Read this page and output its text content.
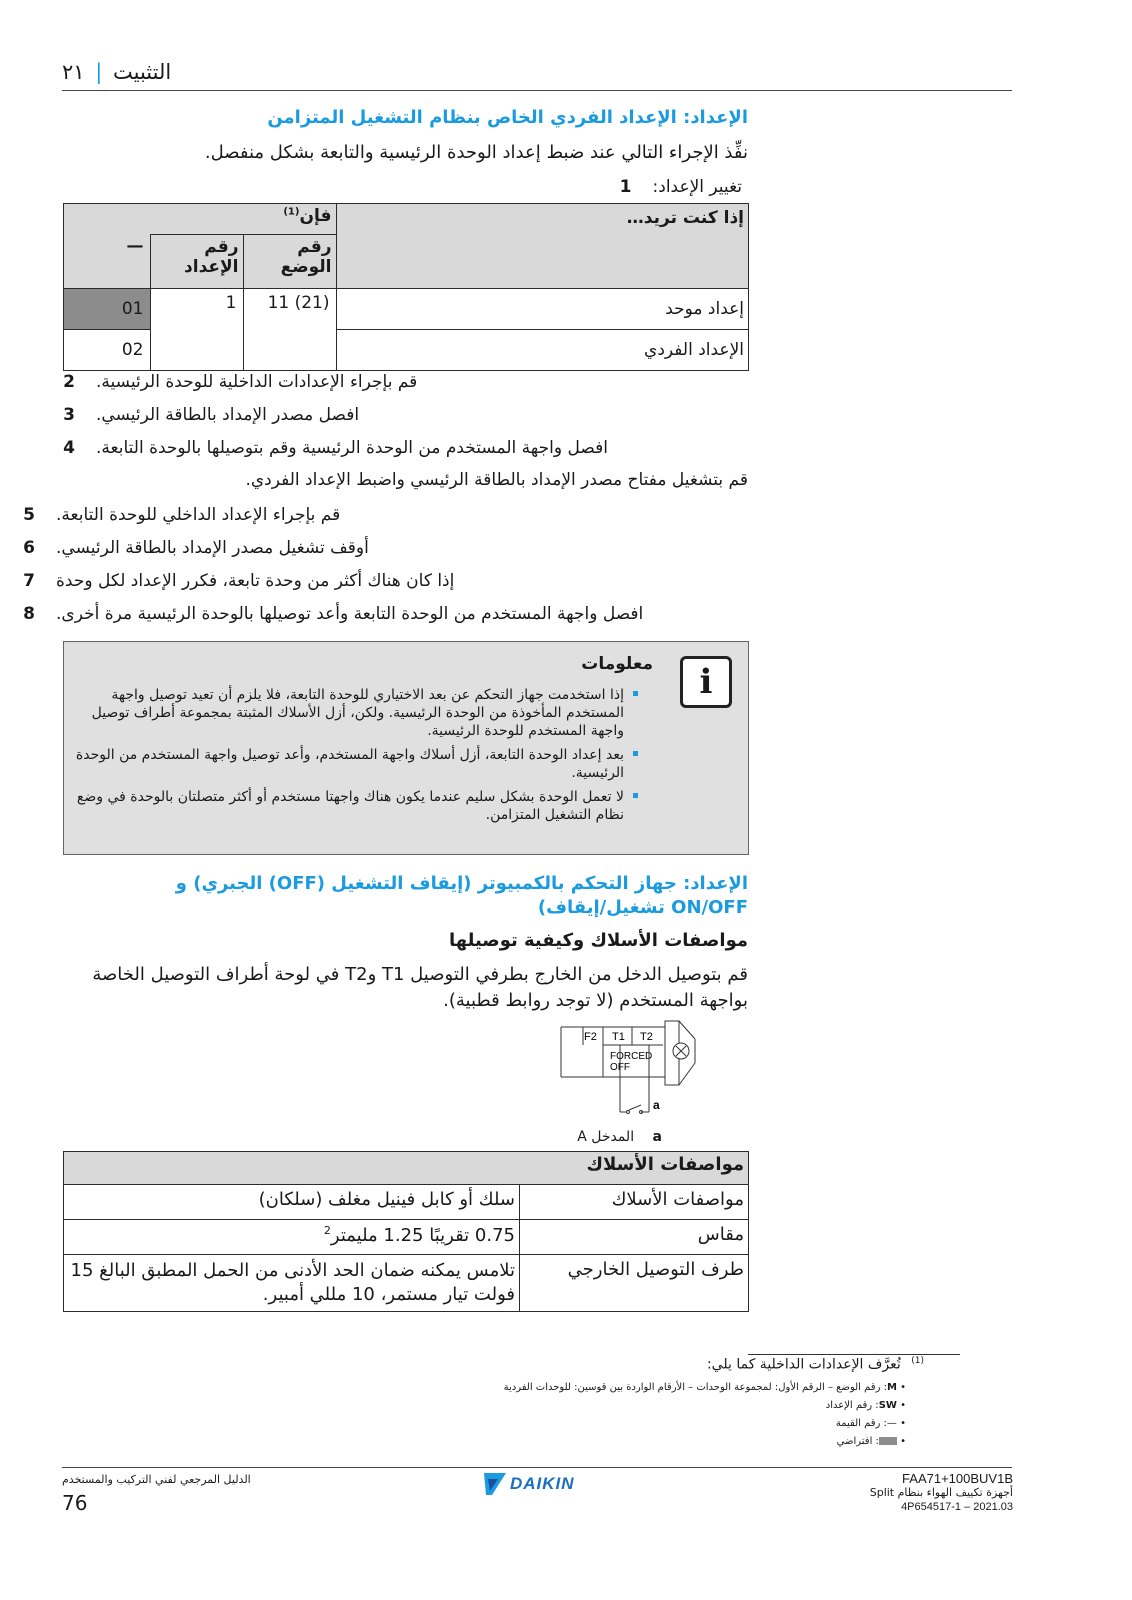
التثبيت | ٢١
الإعداد: الإعداد الفردي الخاص بنظام التشغيل المتزامن
نفِّذ الإجراء التالي عند ضبط إعداد الوحدة الرئيسية والتابعة بشكل منفصل.
1 تغيير الإعداد:
	فإن$^{(1)}$		إذا كنت تريد…
—	رقم الإعداد	رقم الوضع	
01	1	11 (21)	إعداد موحد
02			الإعداد الفردي
2 قم بإجراء الإعدادات الداخلية للوحدة الرئيسية.
3 افصل مصدر الإمداد بالطاقة الرئيسي.
4 افصل واجهة المستخدم من الوحدة الرئيسية وقم بتوصيلها بالوحدة التابعة.
قم بتشغيل مفتاح مصدر الإمداد بالطاقة الرئيسي واضبط الإعداد الفردي.
5 قم بإجراء الإعداد الداخلي للوحدة التابعة.
6 أوقف تشغيل مصدر الإمداد بالطاقة الرئيسي.
7 إذا كان هناك أكثر من وحدة تابعة، فكرر الإعداد لكل وحدة
8 افصل واجهة المستخدم من الوحدة التابعة وأعد توصيلها بالوحدة الرئيسية مرة أخرى.
i
معلومات
إذا استخدمت جهاز التحكم عن بعد الاختياري للوحدة التابعة، فلا يلزم أن تعيد توصيل واجهة المستخدم المأخوذة من الوحدة الرئيسية. ولكن، أزل الأسلاك المثبتة بمجموعة أطراف توصيل واجهة المستخدم للوحدة الرئيسية.
بعد إعداد الوحدة التابعة، أزل أسلاك واجهة المستخدم، وأعد توصيل واجهة المستخدم من الوحدة الرئيسية.
لا تعمل الوحدة بشكل سليم عندما يكون هناك واجهتا مستخدم أو أكثر متصلتان بالوحدة في وضع نظام التشغيل المتزامن.
الإعداد: جهاز التحكم بالكمبيوتر (إيقاف التشغيل (OFF) الجبري) و ON/OFF تشغيل/إيقاف)
مواصفات الأسلاك وكيفية توصيلها
قم بتوصيل الدخل من الخارج بطرفي التوصيل T1 وT2 في لوحة أطراف التوصيل الخاصة بواجهة المستخدم (لا توجد روابط قطبية).
F2 T1 T2
FORCED
OFF
a
a المدخل A
مواصفات الأسلاك	
سلك أو كابل فينيل مغلف (سلكان)	مواصفات الأسلاك
0.75 تقريبًا 1.25 مليمتر$^2$	مقاس
تلامس يمكنه ضمان الحد الأدنى من الحمل المطبق البالغ 15 فولت تيار مستمر، 10 مللي أمبير.	طرف التوصيل الخارجي
$^{(1)}$ تُعرَّف الإعدادات الداخلية كما يلي:
• M: رقم الوضع – الرقم الأول: لمجموعة الوحدات – الأرقام الواردة بين قوسين: للوحدات الفردية
• SW: رقم الإعداد
• —: رقم القيمة
• : افتراضي
الدليل المرجعي لفني التركيب والمستخدم
76
DAIKIN	FAA71+100BUV1B
أجهزة تكييف الهواء بنظام Split
4P654517-1 – 2021.03
